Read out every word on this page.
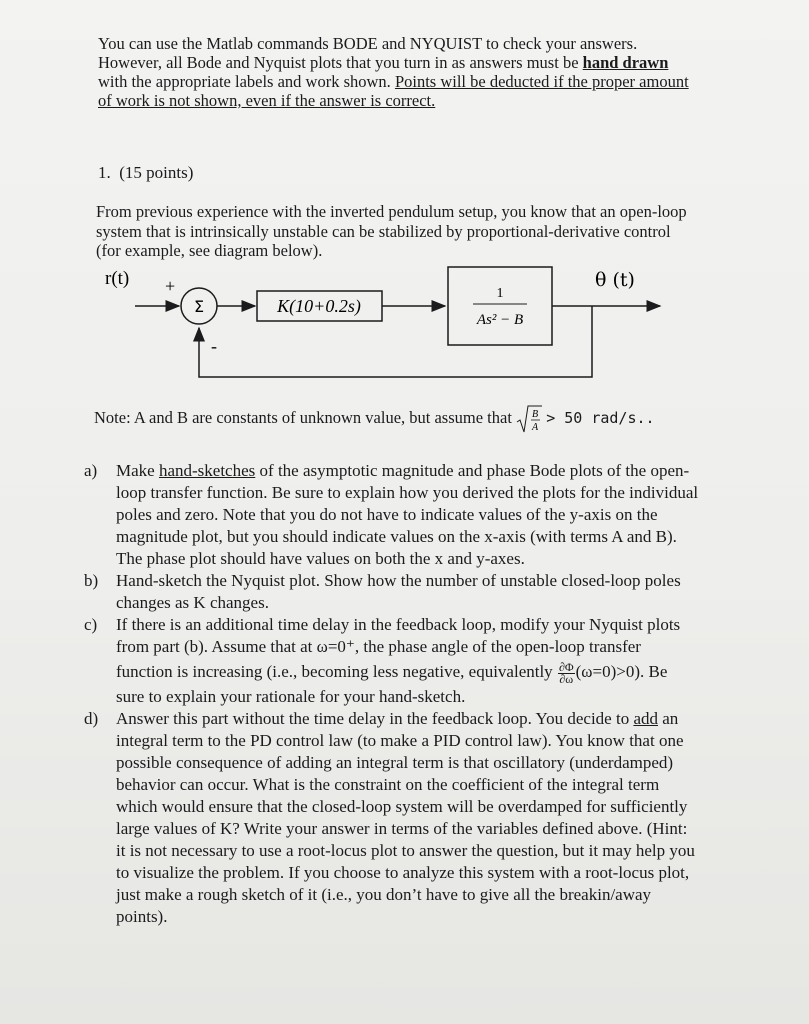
You can use the Matlab commands BODE and NYQUIST to check your answers.
However, all Bode and Nyquist plots that you turn in as answers must be hand drawn
with the appropriate labels and work shown. Points will be deducted if the proper amount
of work is not shown, even if the answer is correct.
1. (15 points)
From previous experience with the inverted pendulum setup, you know that an open-loop
system that is intrinsically unstable can be stabilized by proportional-derivative control
(for example, see diagram below).
r(t) +
Σ	K(10+0.2s)
1
As² − B
θ (t)
-
Note: A and B are constants of unknown value, but assume that B
A
> 50 rad/s..
a) Make hand-sketches of the asymptotic magnitude and phase Bode plots of the open-
loop transfer function. Be sure to explain how you derived the plots for the individual
poles and zero. Note that you do not have to indicate values of the y-axis on the
magnitude plot, but you should indicate values on the x-axis (with terms A and B).
The phase plot should have values on both the x and y-axes.
b) Hand-sketch the Nyquist plot. Show how the number of unstable closed-loop poles
changes as K changes.
c) If there is an additional time delay in the feedback loop, modify your Nyquist plots
from part (b). Assume that at ω=0⁺, the phase angle of the open-loop transfer
function is increasing (i.e., becoming less negative, equivalently $\frac{\partial\Phi}{\partial\omega} (\omega=0)>0$). Be
sure to explain your rationale for your hand-sketch.
d) Answer this part without the time delay in the feedback loop. You decide to add an
integral term to the PD control law (to make a PID control law). You know that one
possible consequence of adding an integral term is that oscillatory (underdamped)
behavior can occur. What is the constraint on the coefficient of the integral term
which would ensure that the closed-loop system will be overdamped for sufficiently
large values of K? Write your answer in terms of the variables defined above. (Hint:
it is not necessary to use a root-locus plot to answer the question, but it may help you
to visualize the problem. If you choose to analyze this system with a root-locus plot,
just make a rough sketch of it (i.e., you don’t have to give all the breakin/away
points).
